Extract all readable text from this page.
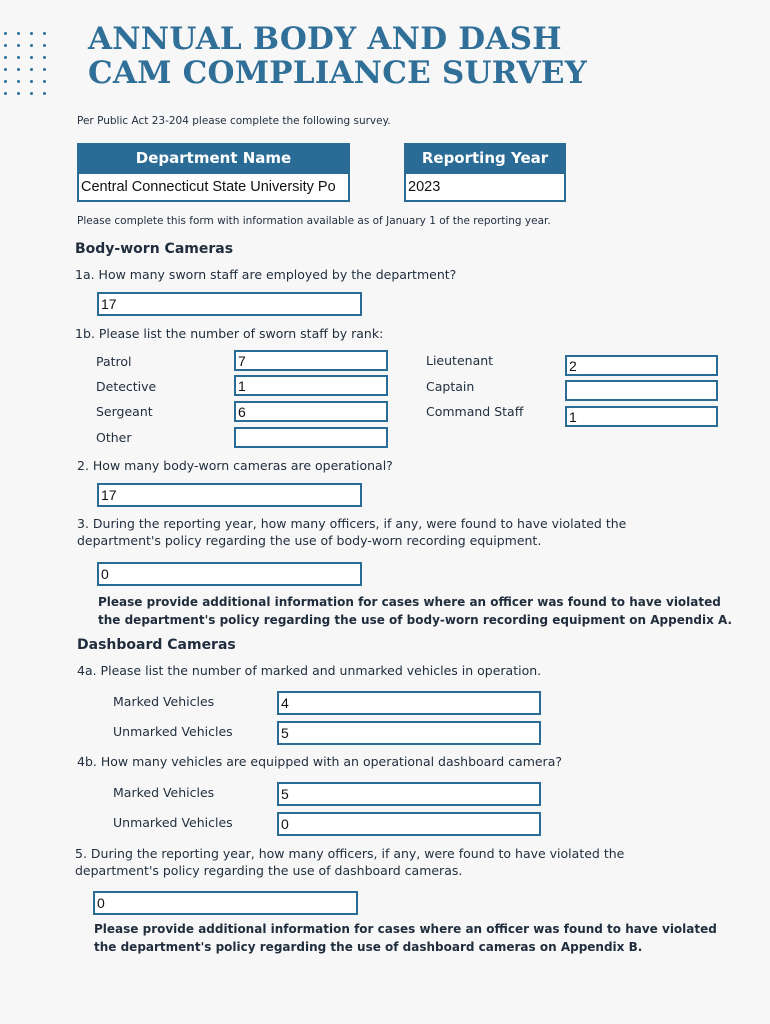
ANNUAL BODY AND DASH
CAM COMPLIANCE SURVEY
Per Public Act 23-204 please complete the following survey.
Department Name
Central Connecticut State University Po
Reporting Year
2023
Please complete this form with information available as of January 1 of the reporting year.
Body-worn Cameras
1a. How many sworn staff are employed by the department?
17
1b. Please list the number of sworn staff by rank:
Patrol	7
Detective	1
Sergeant	6
Other
Lieutenant	2
Captain
Command Staff	1
2. How many body-worn cameras are operational?
17
3. During the reporting year, how many officers, if any, were found to have violated the
department's policy regarding the use of body-worn recording equipment.
0
Please provide additional information for cases where an officer was found to have violated
the department's policy regarding the use of body-worn recording equipment on Appendix A.
Dashboard Cameras
4a. Please list the number of marked and unmarked vehicles in operation.
Marked Vehicles	4
Unmarked Vehicles	5
4b. How many vehicles are equipped with an operational dashboard camera?
Marked Vehicles	5
Unmarked Vehicles	0
5. During the reporting year, how many officers, if any, were found to have violated the
department's policy regarding the use of dashboard cameras.
0
Please provide additional information for cases where an officer was found to have violated
the department's policy regarding the use of dashboard cameras on Appendix B.
